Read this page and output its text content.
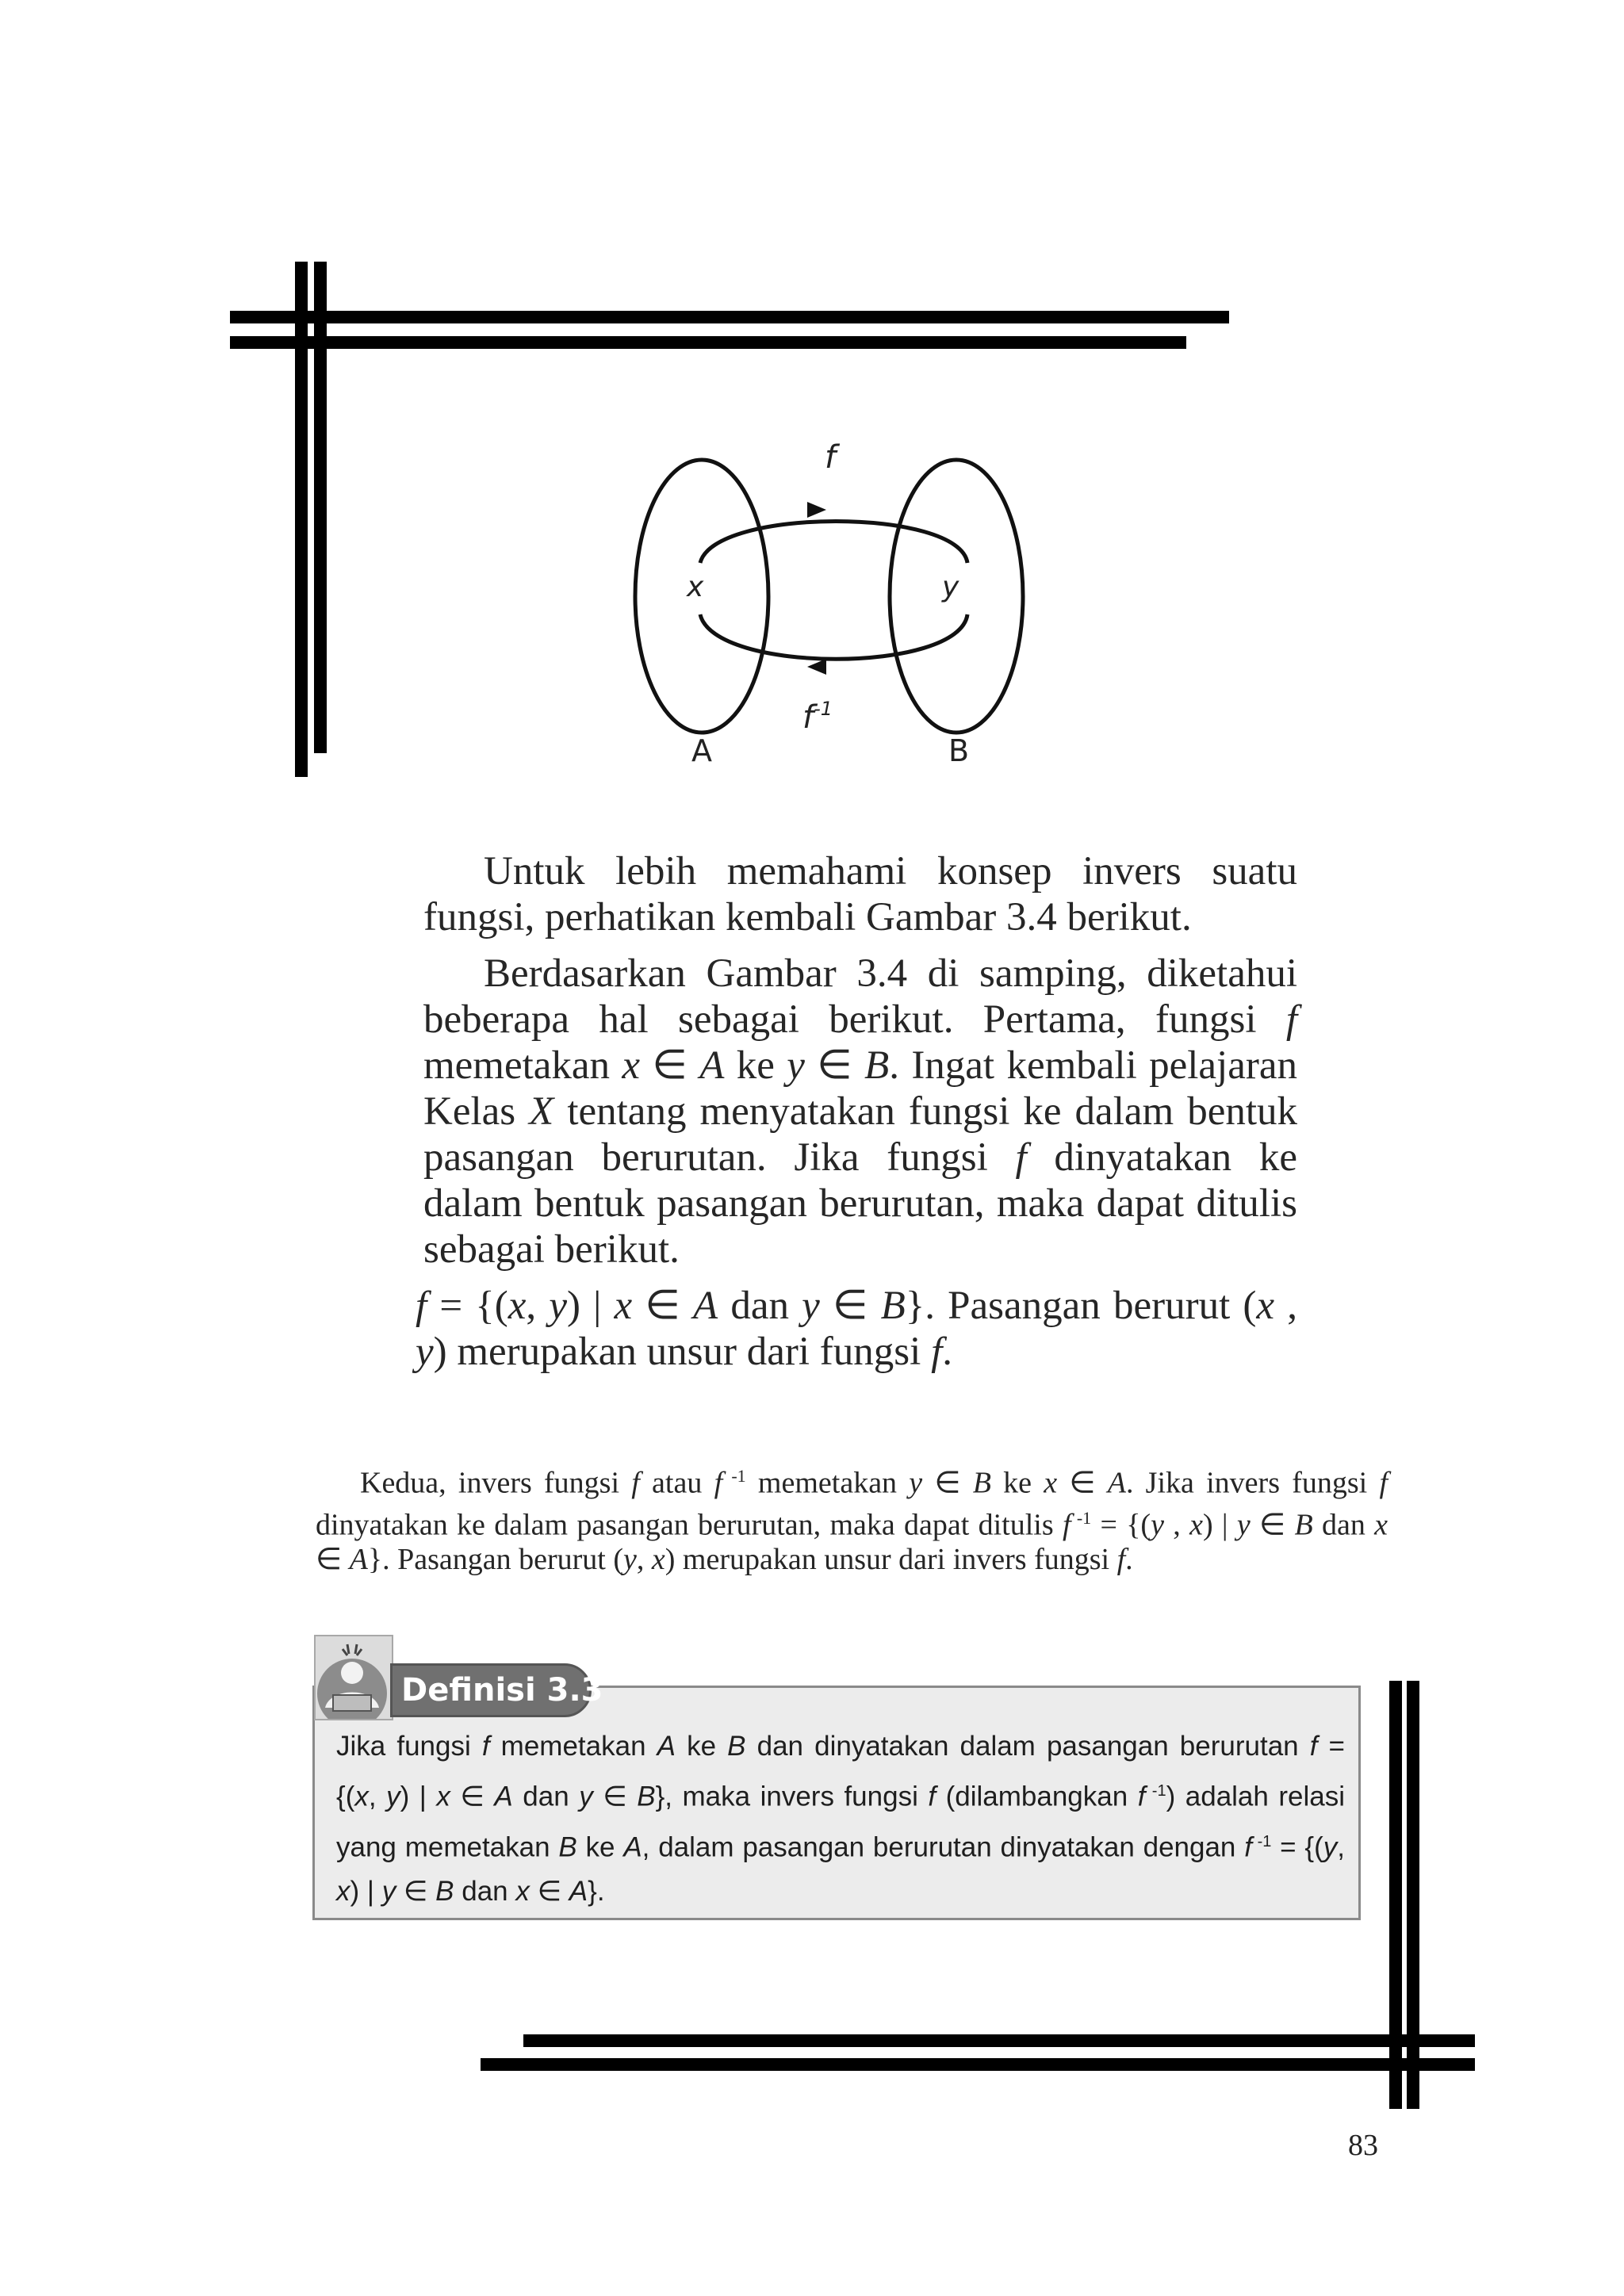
f
x	y
$f^{-1}$
A	B

Untuk lebih memahami konsep invers suatu fungsi, perhatikan kembali Gambar 3.4 berikut.

Berdasarkan Gambar 3.4 di samping, diketahui beberapa hal sebagai berikut. Pertama, fungsi f memetakan x ∈ A ke y ∈ B. Ingat kembali pelajaran Kelas X tentang menyatakan fungsi ke dalam bentuk pasangan berurutan. Jika fungsi f dinyatakan ke dalam bentuk pasangan berurutan, maka dapat ditulis sebagai berikut.

f = {(x, y) | x ∈ A dan y ∈ B}. Pasangan berurut (x , y) merupakan unsur dari fungsi f.

Kedua, invers fungsi f atau f $^{-1}$ memetakan y ∈ B ke x ∈ A. Jika invers fungsi f dinyatakan ke dalam pasangan berurutan, maka dapat ditulis f $^{-1}$ = {(y , x) | y ∈ B dan x ∈ A}. Pasangan berurut (y, x) merupakan unsur dari invers fungsi f.

Definisi 3.3

Jika fungsi f memetakan A ke B dan dinyatakan dalam pasangan berurutan f = {(x, y) | x ∈ A dan y ∈ B}, maka invers fungsi f (dilambangkan f $^{-1}$) adalah relasi yang memetakan B ke A, dalam pasangan berurutan dinyatakan dengan f $^{-1}$ = {(y, x) | y ∈ B dan x ∈ A}.

83
